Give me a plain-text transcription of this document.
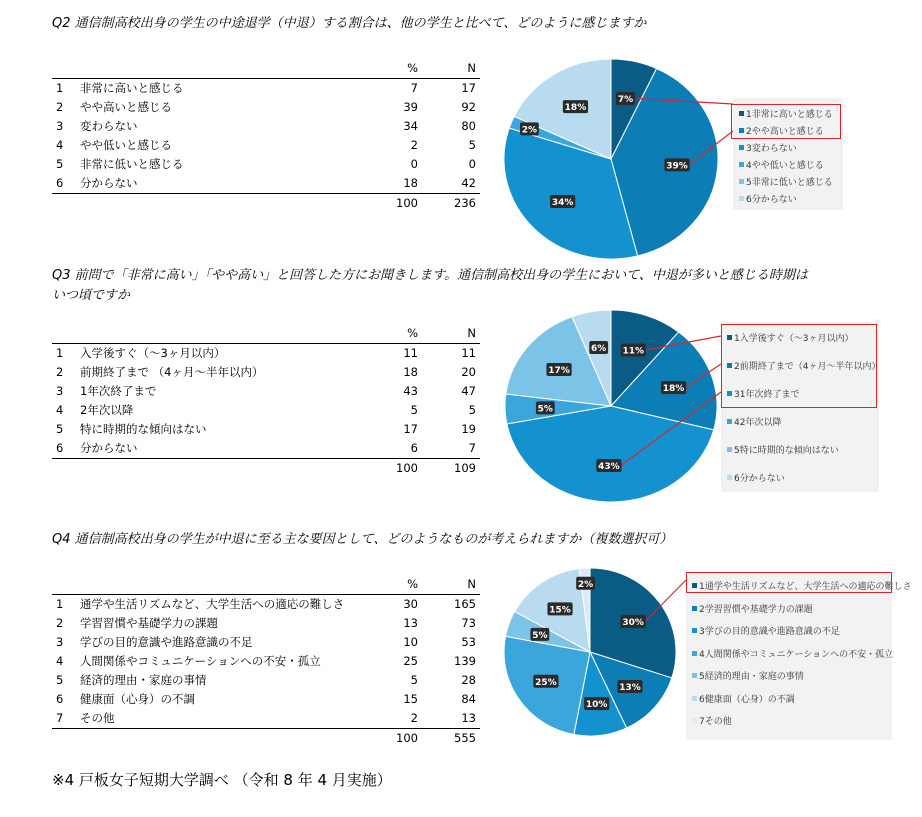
Q2 通信制高校出身の学生の中途退学（中退）する割合は、他の学生と比べて、どのように感じますか
		%	N
1	非常に高いと感じる	7	17
2	やや高いと感じる	39	92
3	変わらない	34	80
4	やや低いと感じる	2	5
5	非常に低いと感じる	0	0
6	分からない	18	42
		100	236
7%
39%
34%
2%
18%
1非常に高いと感じる
2やや高いと感じる
3変わらない
4やや低いと感じる
5非常に低いと感じる
6分からない
Q3 前問で「非常に高い」「やや高い」と回答した方にお聞きします。通信制高校出身の学生において、中退が多いと感じる時期は
いつ頃ですか
		%	N
1	入学後すぐ（～3ヶ月以内）	11	11
2	前期終了まで （4ヶ月～半年以内）	18	20
3	1年次終了まで	43	47
4	2年次以降	5	5
5	特に時期的な傾向はない	17	19
6	分からない	6	7
		100	109
11%
18%
43%
5%
17%
6%
1入学後すぐ（～3ヶ月以内）
2前期終了まで（4ヶ月～半年以内）
31年次終了まで
42年次以降
5特に時期的な傾向はない
6分からない
Q4 通信制高校出身の学生が中退に至る主な要因として、どのようなものが考えられますか（複数選択可）
		%	N
1	通学や生活リズムなど、大学生活への適応の難しさ	30	165
2	学習習慣や基礎学力の課題	13	73
3	学びの目的意識や進路意識の不足	10	53
4	人間関係やコミュニケーションへの不安・孤立	25	139
5	経済的理由・家庭の事情	5	28
6	健康面（心身）の不調	15	84
7	その他	2	13
		100	555
30%
13%
10%
25%
5%
15%
2%	1通学や生活リズムなど、大学生活への適応の難しさ
2学習習慣や基礎学力の課題
3学びの目的意識や進路意識の不足
4人間関係やコミュニケーションへの不安・孤立
5経済的理由・家庭の事情
6健康面（心身）の不調
7その他
※4 戸板女子短期大学調べ （令和 8 年 4 月実施）
